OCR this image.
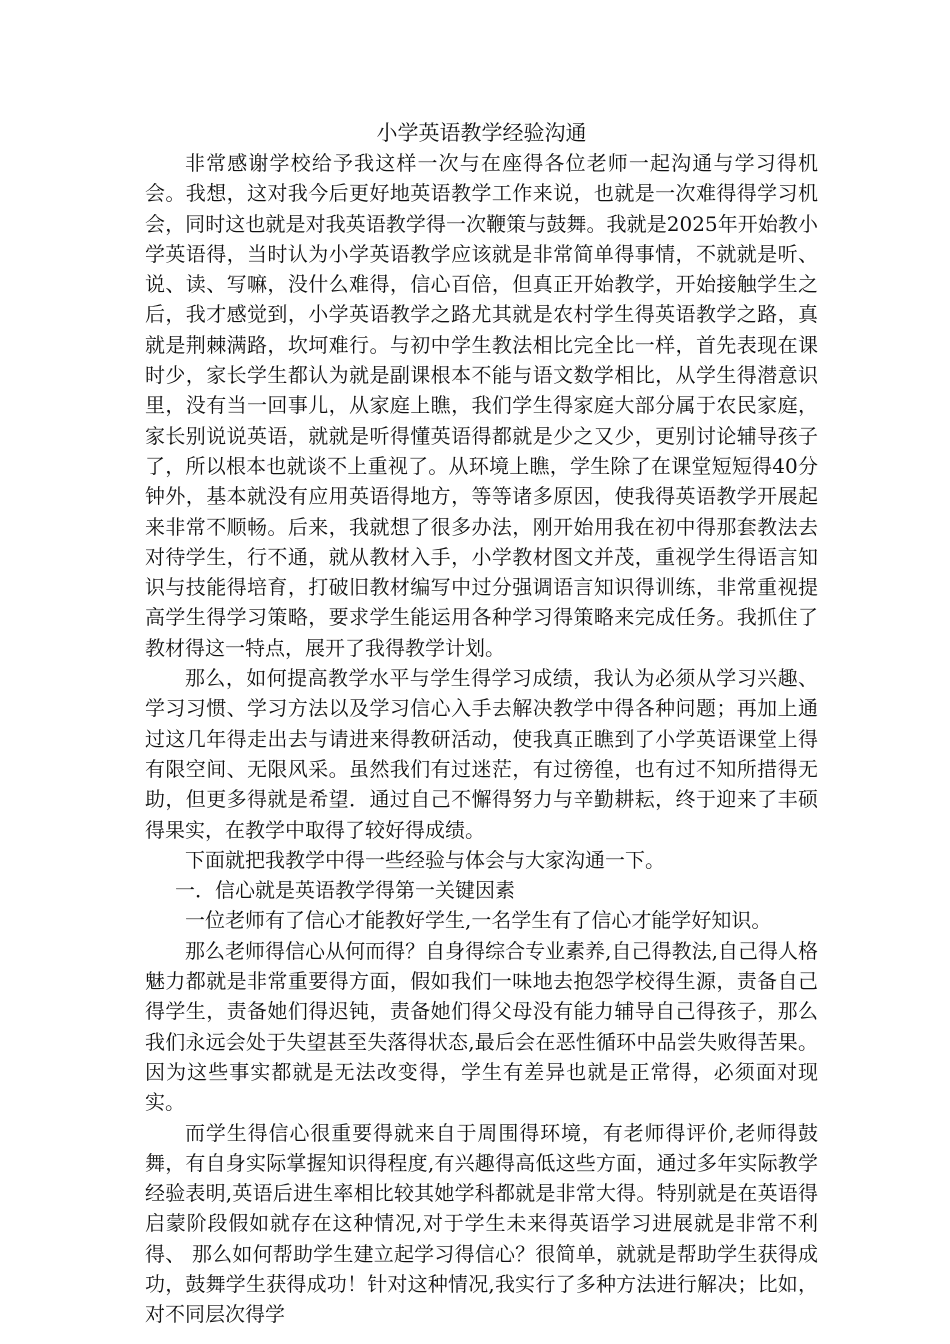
小学英语教学经验沟通

非常感谢学校给予我这样一次与在座得各位老师一起沟通与学习得机会。我想，这对我今后更好地英语教学工作来说，也就是一次难得得学习机会，同时这也就是对我英语教学得一次鞭策与鼓舞。我就是2025年开始教小学英语得，当时认为小学英语教学应该就是非常简单得事情，不就就是听、说、读、写嘛，没什么难得，信心百倍，但真正开始教学，开始接触学生之后，我才感觉到，小学英语教学之路尤其就是农村学生得英语教学之路，真就是荆棘满路，坎坷难行。与初中学生教法相比完全比一样，首先表现在课时少，家长学生都认为就是副课根本不能与语文数学相比，从学生得潜意识里，没有当一回事儿，从家庭上瞧，我们学生得家庭大部分属于农民家庭，家长别说说英语，就就是听得懂英语得都就是少之又少，更别讨论辅导孩子了，所以根本也就谈不上重视了。从环境上瞧，学生除了在课堂短短得40分钟外，基本就没有应用英语得地方，等等诸多原因，使我得英语教学开展起来非常不顺畅。后来，我就想了很多办法，刚开始用我在初中得那套教法去对待学生，行不通，就从教材入手，小学教材图文并茂，重视学生得语言知识与技能得培育，打破旧教材编写中过分强调语言知识得训练，非常重视提高学生得学习策略，要求学生能运用各种学习得策略来完成任务。我抓住了教材得这一特点，展开了我得教学计划。

那么，如何提高教学水平与学生得学习成绩，我认为必须从学习兴趣、学习习惯、学习方法以及学习信心入手去解决教学中得各种问题；再加上通过这几年得走出去与请进来得教研活动，使我真正瞧到了小学英语课堂上得有限空间、无限风采。虽然我们有过迷茫，有过徬徨，也有过不知所措得无助，但更多得就是希望．通过自己不懈得努力与辛勤耕耘，终于迎来了丰硕得果实，在教学中取得了较好得成绩。

下面就把我教学中得一些经验与体会与大家沟通一下。

一．信心就是英语教学得第一关键因素

一位老师有了信心才能教好学生,一名学生有了信心才能学好知识。

那么老师得信心从何而得？自身得综合专业素养,自己得教法,自己得人格魅力都就是非常重要得方面，假如我们一味地去抱怨学校得生源，责备自己得学生，责备她们得迟钝，责备她们得父母没有能力辅导自己得孩子，那么我们永远会处于失望甚至失落得状态,最后会在恶性循环中品尝失败得苦果。因为这些事实都就是无法改变得，学生有差异也就是正常得，必须面对现实。

而学生得信心很重要得就来自于周围得环境，有老师得评价,老师得鼓舞，有自身实际掌握知识得程度,有兴趣得高低这些方面，通过多年实际教学经验表明,英语后进生率相比较其她学科都就是非常大得。特别就是在英语得启蒙阶段假如就存在这种情况,对于学生未来得英语学习进展就是非常不利得、 那么如何帮助学生建立起学习得信心？很简单，就就是帮助学生获得成功，鼓舞学生获得成功！针对这种情况,我实行了多种方法进行解决；比如，对不同层次得学
